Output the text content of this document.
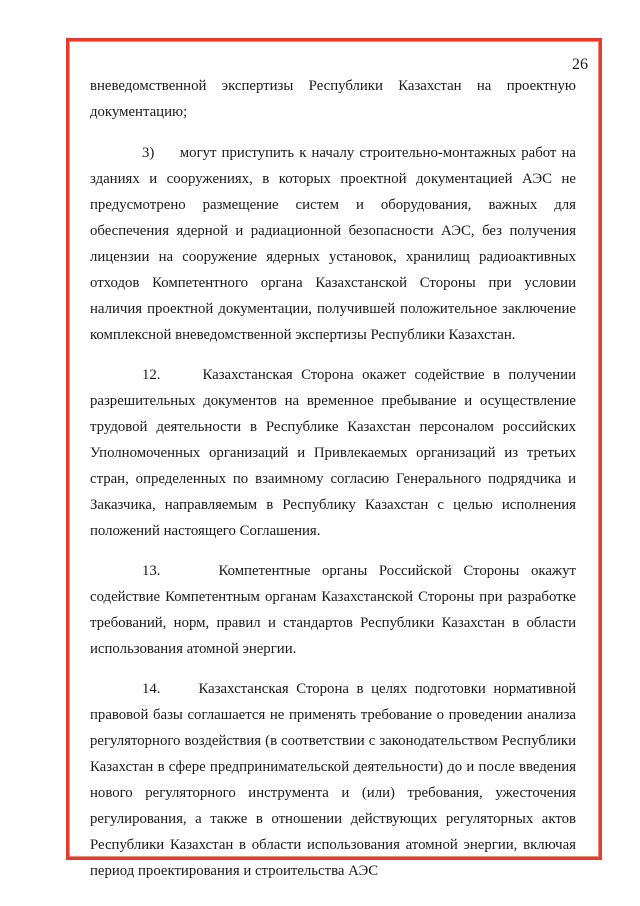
26

вневедомственной экспертизы Республики Казахстан на проектную документацию;

3)     могут приступить к началу строительно-монтажных работ на зданиях и сооружениях, в которых проектной документацией АЭС не предусмотрено размещение систем и оборудования, важных для обеспечения ядерной и радиационной безопасности АЭС, без получения лицензии на сооружение ядерных установок, хранилищ радиоактивных отходов Компетентного органа Казахстанской Стороны при условии наличия проектной документации, получившей положительное заключение комплексной вневедомственной экспертизы Республики Казахстан.

12.     Казахстанская Сторона окажет содействие в получении разрешительных документов на временное пребывание и осуществление трудовой деятельности в Республике Казахстан персоналом российских Уполномоченных организаций и Привлекаемых организаций из третьих стран, определенных по взаимному согласию Генерального подрядчика и Заказчика, направляемым в Республику Казахстан с целью исполнения положений настоящего Соглашения.

13.     Компетентные органы Российской Стороны окажут содействие Компетентным органам Казахстанской Стороны при разработке требований, норм, правил и стандартов Республики Казахстан в области использования атомной энергии.

14.     Казахстанская Сторона в целях подготовки нормативной правовой базы соглашается не применять требование о проведении анализа регуляторного воздействия (в соответствии с законодательством Республики Казахстан в сфере предпринимательской деятельности) до и после введения нового регуляторного инструмента и (или) требования, ужесточения регулирования, а также в отношении действующих регуляторных актов Республики Казахстан в области использования атомной энергии, включая период проектирования и строительства АЭС
